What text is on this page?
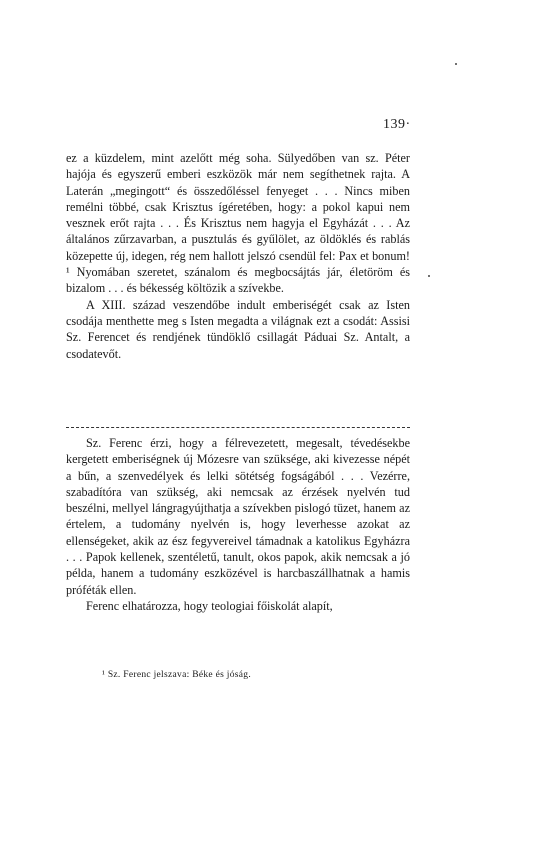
139·

ez a küzdelem, mint azelőtt még soha. Sülyedőben van sz. Péter hajója és egyszerű emberi eszközök már nem segíthetnek rajta. A Laterán „megingott“ és összedőléssel fenyeget . . . Nincs miben remélni többé, csak Krisztus ígéretében, hogy: a pokol kapui nem vesznek erőt rajta . . . És Krisztus nem hagyja el Egyházát . . . Az általános zűrzavarban, a pusztulás és gyűlölet, az öldöklés és rablás közepette új, idegen, rég nem hallott jelszó csendül fel: Pax et bonum!¹ Nyomában szeretet, szánalom és megbocsájtás jár, életöröm és bizalom . . . és békesség költözik a szívekbe.

A XIII. század veszendőbe indult emberiségét csak az Isten csodája menthette meg s Isten megadta a világnak ezt a csodát: Assisi Sz. Ferencet és rendjének tündöklő csillagát Páduai Sz. Antalt, a csodatevőt.

Sz. Ferenc érzi, hogy a félrevezetett, megesalt, tévedésekbe kergetett emberiségnek új Mózesre van szüksége, aki kivezesse népét a bűn, a szenvedélyek és lelki sötétség fogságából . . . Vezérre, szabadítóra van szükség, aki nemcsak az érzések nyelvén tud beszélni, mellyel lángragyújthatja a szívekben pislogó tüzet, hanem az értelem, a tudomány nyelvén is, hogy leverhesse azokat az ellenségeket, akik az ész fegyvereivel támadnak a katolikus Egyházra . . . Papok kellenek, szentéletű, tanult, okos papok, akik nemcsak a jó példa, hanem a tudomány eszközével is harcbaszállhatnak a hamis próféták ellen.

Ferenc elhatározza, hogy teologiai főiskolát alapít,

¹ Sz. Ferenc jelszava: Béke és jóság.
